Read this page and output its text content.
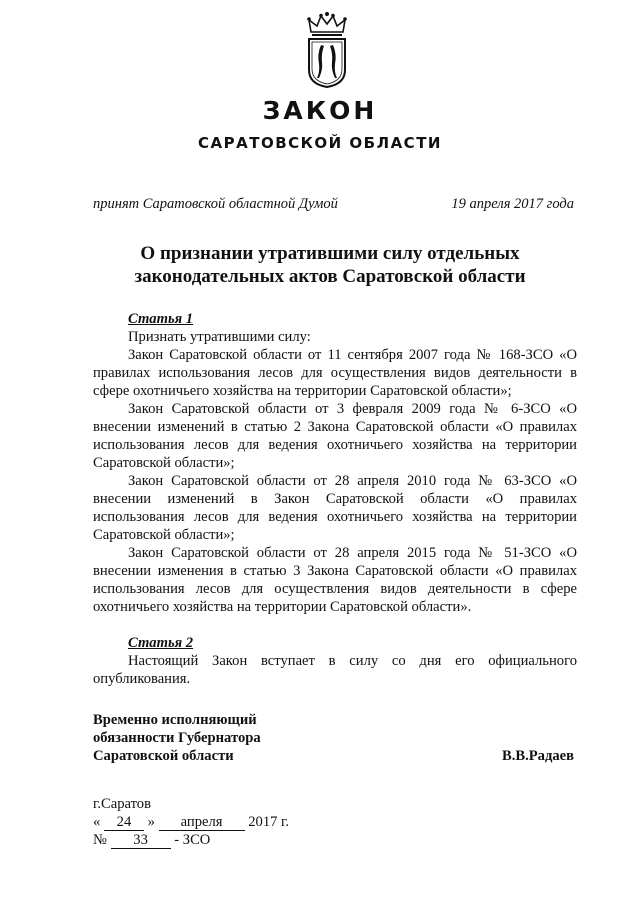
ЗАКОН
САРАТОВСКОЙ ОБЛАСТИ
принят Саратовской областной Думой	19 апреля 2017 года
О признании утратившими силу отдельных
законодательных актов Саратовской области
Статья 1

Признать утратившими силу:

Закон Саратовской области от 11 сентября 2007 года № 168-ЗСО «О правилах использования лесов для осуществления видов деятельности в сфере охотничьего хозяйства на территории Саратовской области»;

Закон Саратовской области от 3 февраля 2009 года № 6-ЗСО «О внесении изменений в статью 2 Закона Саратовской области «О правилах использования лесов для ведения охотничьего хозяйства на территории Саратовской области»;

Закон Саратовской области от 28 апреля 2010 года № 63-ЗСО «О внесении изменений в Закон Саратовской области «О правилах использования лесов для ведения охотничьего хозяйства на территории Саратовской области»;

Закон Саратовской области от 28 апреля 2015 года № 51-ЗСО «О внесении изменения в статью 3 Закона Саратовской области «О правилах использования лесов для осуществления видов деятельности в сфере охотничьего хозяйства на территории Саратовской области».

Статья 2

Настоящий Закон вступает в силу со дня его официального опубликования.

Временно исполняющий
обязанности Губернатора
Саратовской области	В.В.Радаев
г.Саратов
« 24 » апреля 2017 г.
№ 33 - ЗСО
